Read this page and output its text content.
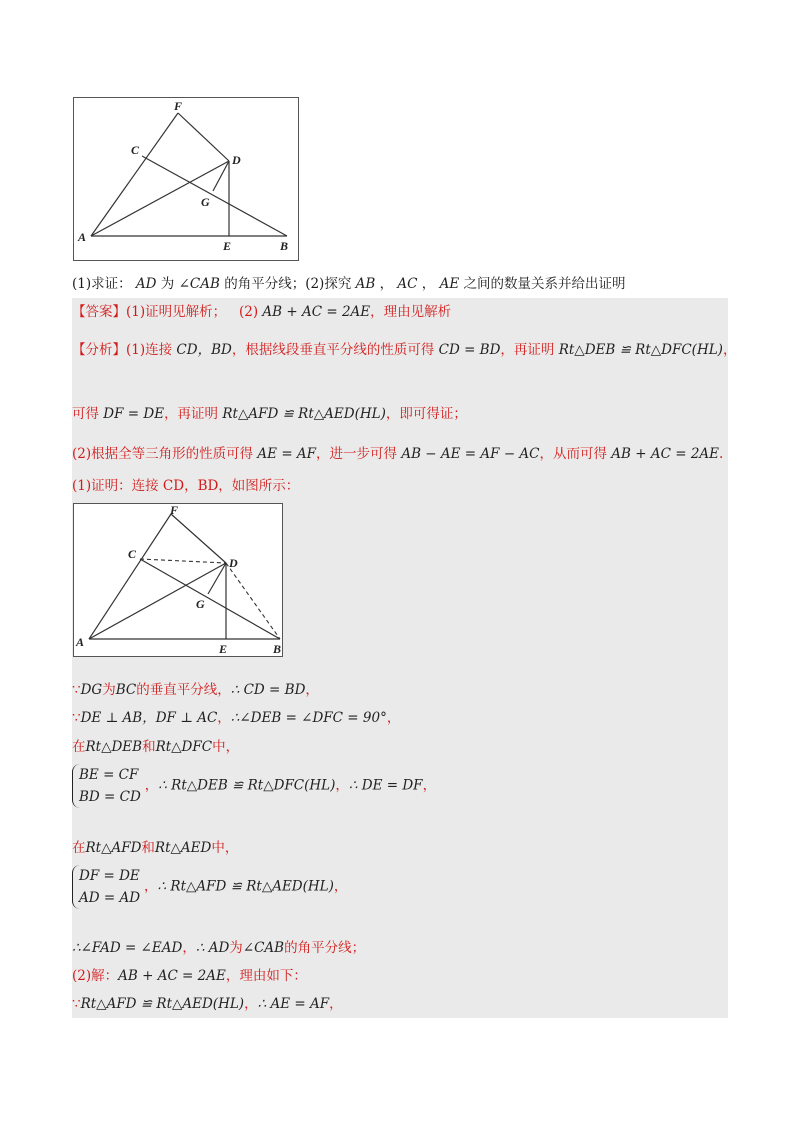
F
C
D
G
A
E	B
(1)求证： AD 为 ∠CAB 的角平分线；(2)探究 AB ， AC ， AE 之间的数量关系并给出证明
【答案】(1)证明见解析； (2) AB + AC = 2AE，理由见解析
【分析】(1)连接 CD，BD，根据线段垂直平分线的性质可得 CD = BD，再证明 Rt△DEB ≌ Rt△DFC(HL)，
可得 DF = DE，再证明 Rt△AFD ≌ Rt△AED(HL)，即可得证；
(2)根据全等三角形的性质可得 AE = AF，进一步可得 AB − AE = AF − AC，从而可得 AB + AC = 2AE.
(1)证明：连接 CD，BD，如图所示：
F
C
D
G
A	E	B
∵DG为BC的垂直平分线，∴ CD = BD，
∵DE ⊥ AB，DF ⊥ AC，∴∠DEB = ∠DFC = 90°，
在Rt△DEB和Rt△DFC中，
BE = CF
BD = CD
，∴ Rt△DEB ≌ Rt△DFC(HL)，∴ DE = DF，
在Rt△AFD和Rt△AED中，
DF = DE
AD = AD
，∴ Rt△AFD ≌ Rt△AED(HL)，
∴∠FAD = ∠EAD，∴ AD为∠CAB的角平分线；
(2)解：AB + AC = 2AE，理由如下：
∵Rt△AFD ≌ Rt△AED(HL)，∴ AE = AF，
